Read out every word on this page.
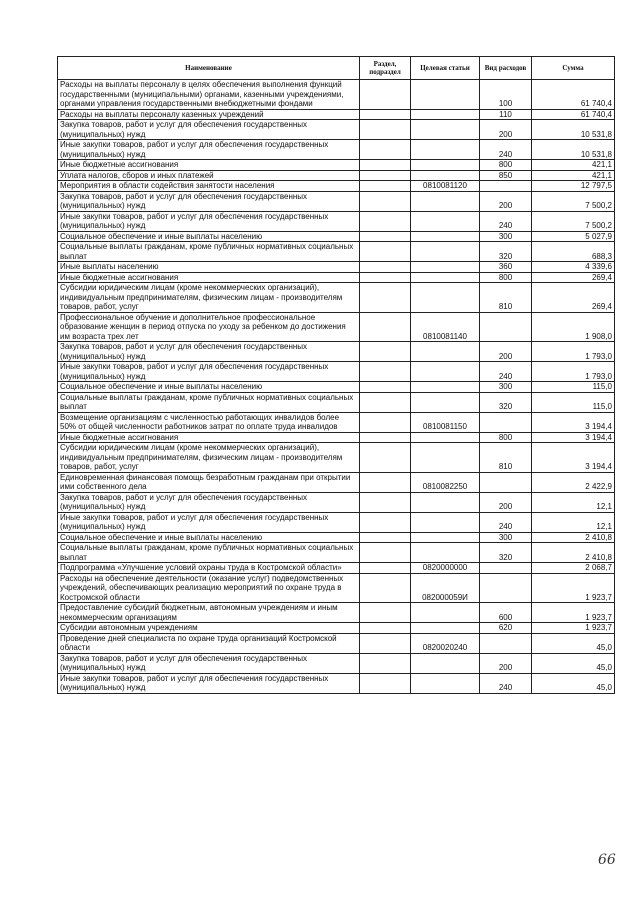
Наименование	Раздел, подраздел	Целевая статьи	Вид расходов	Сумма
Расходы на выплаты персоналу в целях обеспечения выполнения функций государственными (муниципальными) органами, казенными учреждениями, органами управления государственными внебюджетными фондами			100	61 740,4
Расходы на выплаты персоналу казенных учреждений			110	61 740,4
Закупка товаров, работ и услуг для обеспечения государственных (муниципальных) нужд			200	10 531,8
Иные закупки товаров, работ и услуг для обеспечения государственных (муниципальных) нужд			240	10 531,8
Иные бюджетные ассигнования			800	421,1
Уплата налогов, сборов и иных платежей			850	421,1
Мероприятия в области содействия занятости населения		0810081120		12 797,5
Закупка товаров, работ и услуг для обеспечения государственных (муниципальных) нужд			200	7 500,2
Иные закупки товаров, работ и услуг для обеспечения государственных (муниципальных) нужд			240	7 500,2
Социальное обеспечение и иные выплаты населению			300	5 027,9
Социальные выплаты гражданам, кроме публичных нормативных социальных выплат			320	688,3
Иные выплаты населению			360	4 339,6
Иные бюджетные ассигнования			800	269,4
Субсидии юридическим лицам (кроме некоммерческих организаций), индивидуальным предпринимателям, физическим лицам - производителям товаров, работ, услуг			810	269,4
Профессиональное обучение и дополнительное профессиональное образование женщин в период отпуска по уходу за ребенком до достижения им возраста трех лет		0810081140		1 908,0
Закупка товаров, работ и услуг для обеспечения государственных (муниципальных) нужд			200	1 793,0
Иные закупки товаров, работ и услуг для обеспечения государственных (муниципальных) нужд			240	1 793,0
Социальное обеспечение и иные выплаты населению			300	115,0
Социальные выплаты гражданам, кроме публичных нормативных социальных выплат			320	115,0
Возмещение организациям с численностью работающих инвалидов более 50% от общей численности работников затрат по оплате труда инвалидов		0810081150		3 194,4
Иные бюджетные ассигнования			800	3 194,4
Субсидии юридическим лицам (кроме некоммерческих организаций), индивидуальным предпринимателям, физическим лицам - производителям товаров, работ, услуг			810	3 194,4
Единовременная финансовая помощь безработным гражданам при открытии ими собственного дела		0810082250		2 422,9
Закупка товаров, работ и услуг для обеспечения государственных (муниципальных) нужд			200	12,1
Иные закупки товаров, работ и услуг для обеспечения государственных (муниципальных) нужд			240	12,1
Социальное обеспечение и иные выплаты населению			300	2 410,8
Социальные выплаты гражданам, кроме публичных нормативных социальных выплат			320	2 410,8
Подпрограмма «Улучшение условий охраны труда в Костромской области»		0820000000		2 068,7
Расходы на обеспечение деятельности (оказание услуг) подведомственных учреждений, обеспечивающих реализацию мероприятий по охране труда в Костромской области		082000059И		1 923,7
Предоставление субсидий бюджетным, автономным учреждениям и иным некоммерческим организациям			600	1 923,7
Субсидии автономным учреждениям			620	1 923,7
Проведение дней специалиста по охране труда организаций Костромской области		0820020240		45,0
Закупка товаров, работ и услуг для обеспечения государственных (муниципальных) нужд			200	45,0
Иные закупки товаров, работ и услуг для обеспечения государственных (муниципальных) нужд			240	45,0
66
